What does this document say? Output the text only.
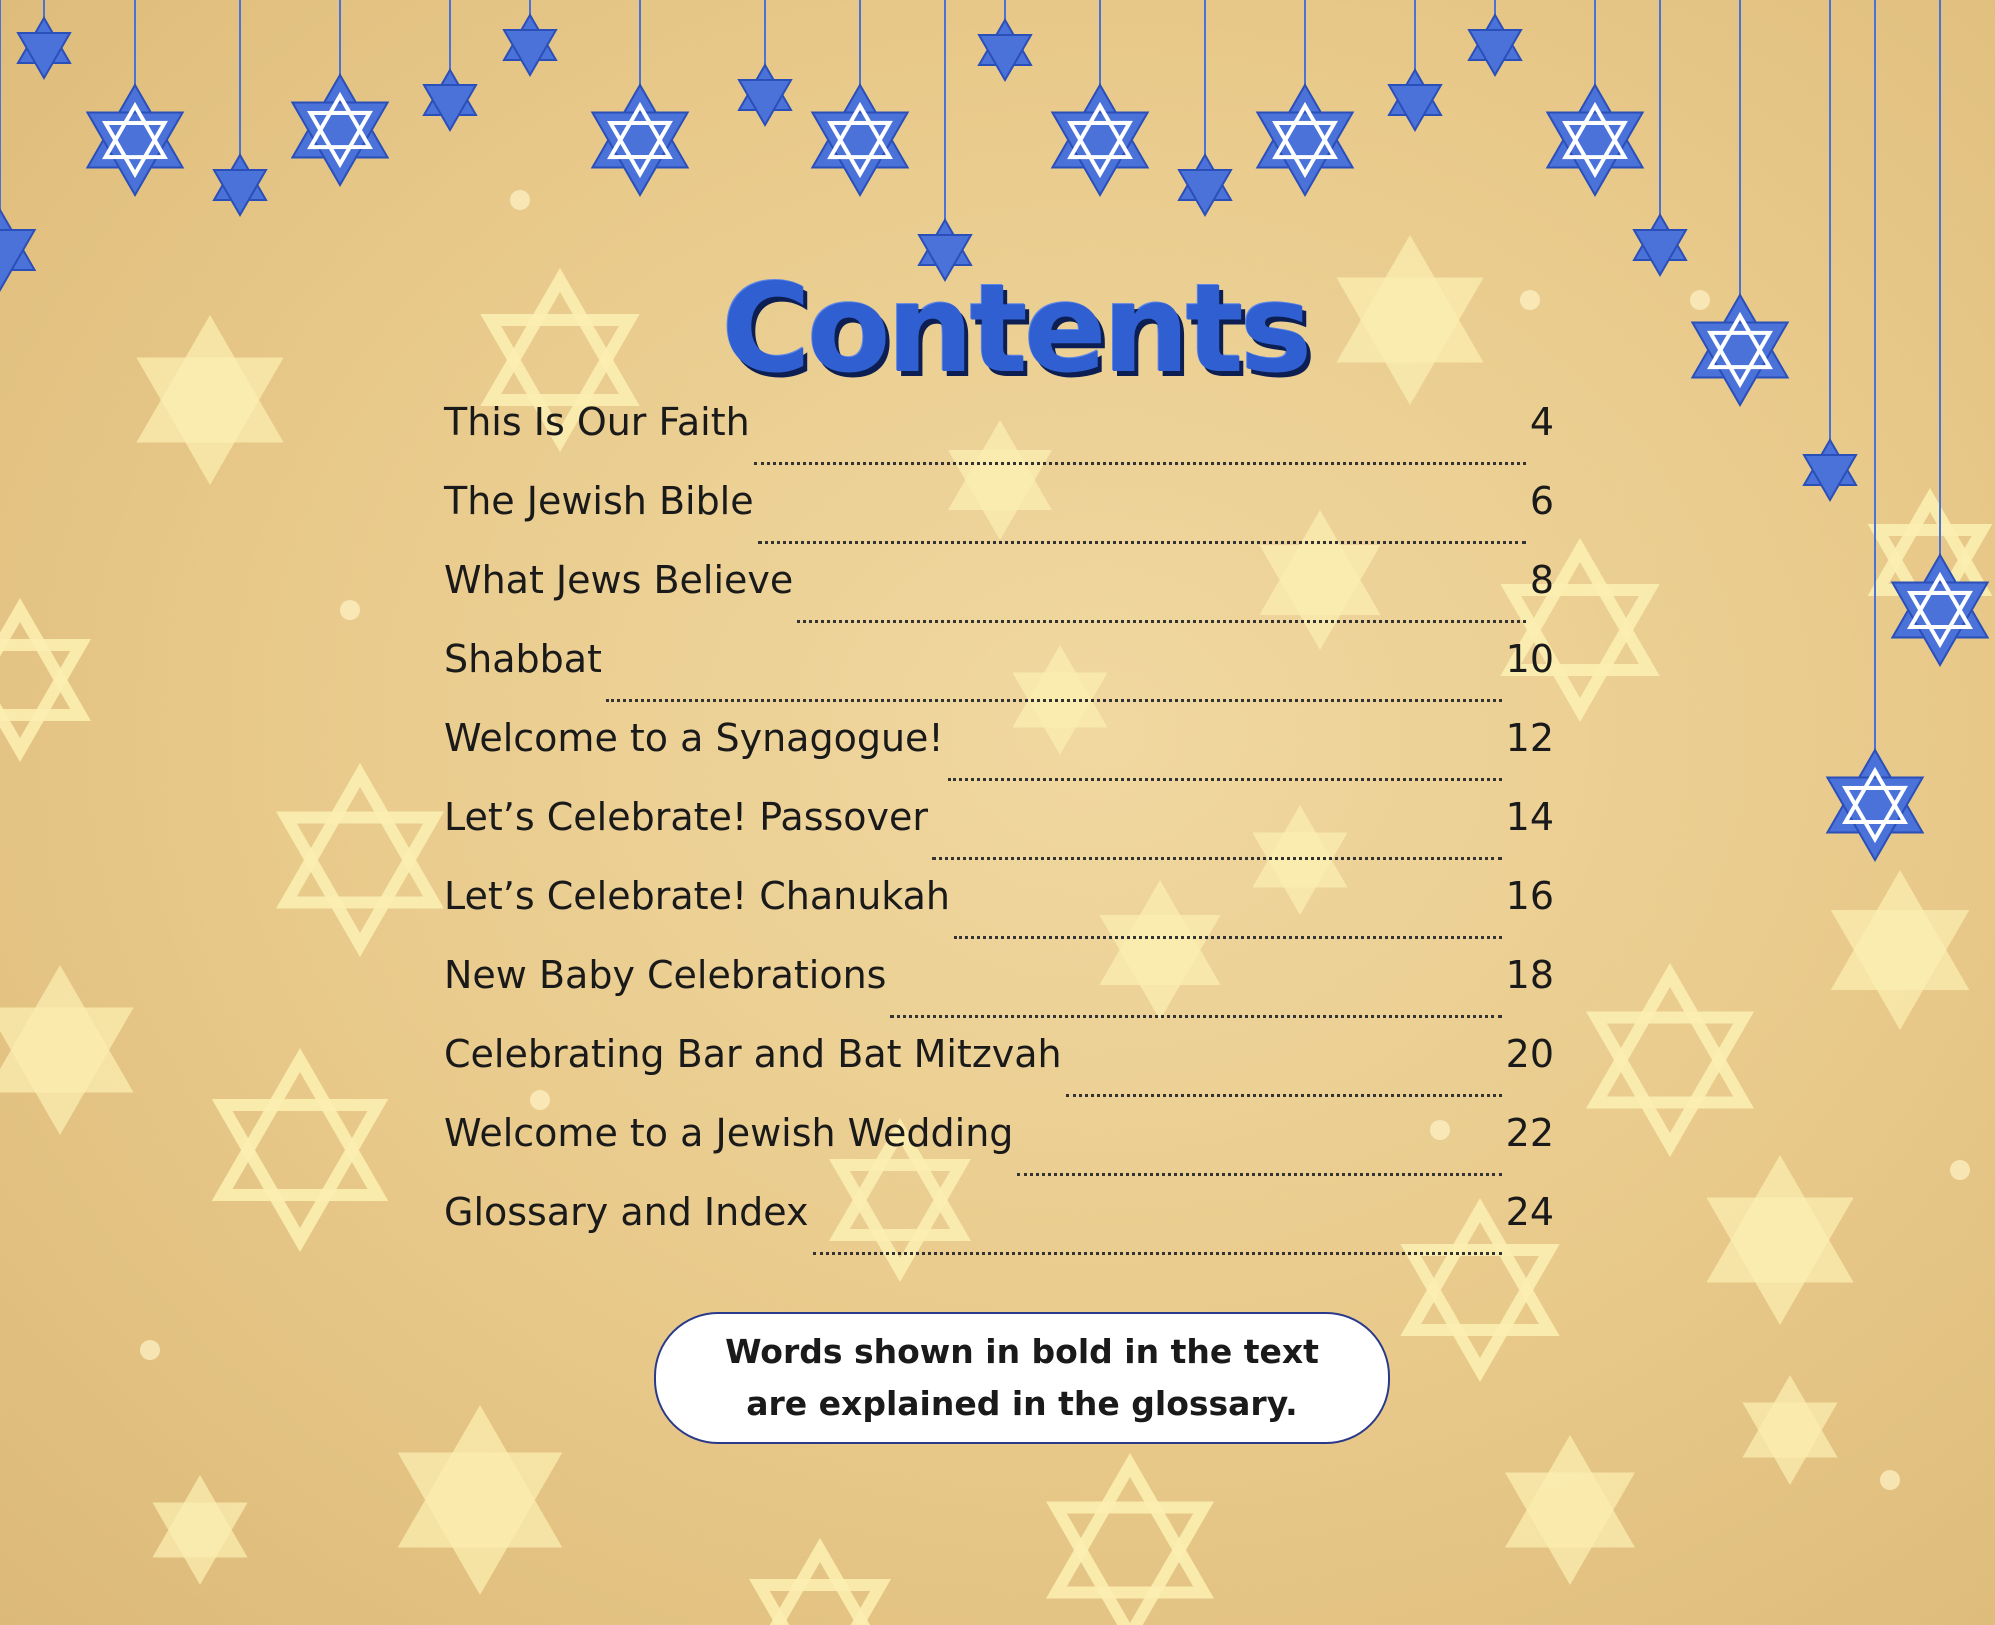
Contents
This Is Our Faith	4
The Jewish Bible	6
What Jews Believe	8
Shabbat	10
Welcome to a Synagogue!	12
Let’s Celebrate! Passover	14
Let’s Celebrate! Chanukah	16
New Baby Celebrations	18
Celebrating Bar and Bat Mitzvah	20
Welcome to a Jewish Wedding	22
Glossary and Index	24
Words shown in bold in the text
are explained in the glossary.
